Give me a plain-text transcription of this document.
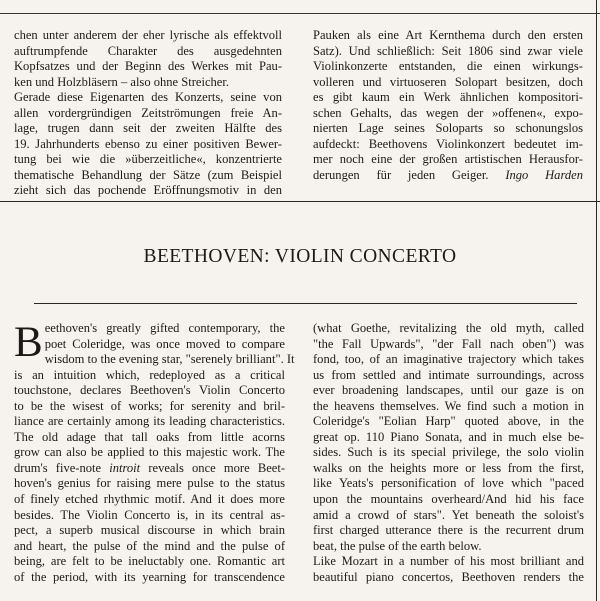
chen unter anderem der eher lyrische als effektvoll
auftrumpfende Charakter des ausgedehnten
Kopfsatzes und der Beginn des Werkes mit Pau-
ken und Holzbläsern – also ohne Streicher.
Gerade diese Eigenarten des Konzerts, seine von
allen vordergründigen Zeitströmungen freie An-
lage, trugen dann seit der zweiten Hälfte des
19. Jahrhunderts ebenso zu einer positiven Bewer-
tung bei wie die »überzeitliche«, konzentrierte
thematische Behandlung der Sätze (zum Beispiel
zieht sich das pochende Eröffnungsmotiv in den
Pauken als eine Art Kernthema durch den ersten
Satz). Und schließlich: Seit 1806 sind zwar viele
Violinkonzerte entstanden, die einen wirkungs-
volleren und virtuoseren Solopart besitzen, doch
es gibt kaum ein Werk ähnlichen kompositori-
schen Gehalts, das wegen der »offenen«, expo-
nierten Lage seines Soloparts so schonungslos
aufdeckt: Beethovens Violinkonzert bedeutet im-
mer noch eine der großen artistischen Herausfor-
derungen für jeden Geiger. Ingo Harden
BEETHOVEN: VIOLIN CONCERTO
B eethoven's greatly gifted contemporary, the
poet Coleridge, was once moved to compare
wisdom to the evening star, "serenely brilliant". It
is an intuition which, redeployed as a critical
touchstone, declares Beethoven's Violin Concerto
to be the wisest of works; for serenity and bril-
liance are certainly among its leading characteristics.
The old adage that tall oaks from little acorns
grow can also be applied to this majestic work. The
drum's five-note introit reveals once more Beet-
hoven's genius for raising mere pulse to the status
of finely etched rhythmic motif. And it does more
besides. The Violin Concerto is, in its central as-
pect, a superb musical discourse in which brain
and heart, the pulse of the mind and the pulse of
being, are felt to be ineluctably one. Romantic art
of the period, with its yearning for transcendence
(what Goethe, revitalizing the old myth, called
"the Fall Upwards", "der Fall nach oben") was
fond, too, of an imaginative trajectory which takes
us from settled and intimate surroundings, across
ever broadening landscapes, until our gaze is on
the heavens themselves. We find such a motion in
Coleridge's "Eolian Harp" quoted above, in the
great op. 110 Piano Sonata, and in much else be-
sides. Such is its special privilege, the solo violin
walks on the heights more or less from the first,
like Yeats's personification of love which "paced
upon the mountains overheard/And hid his face
amid a crowd of stars". Yet beneath the soloist's
first charged utterance there is the recurrent drum
beat, the pulse of the earth below.
Like Mozart in a number of his most brilliant and
beautiful piano concertos, Beethoven renders the
